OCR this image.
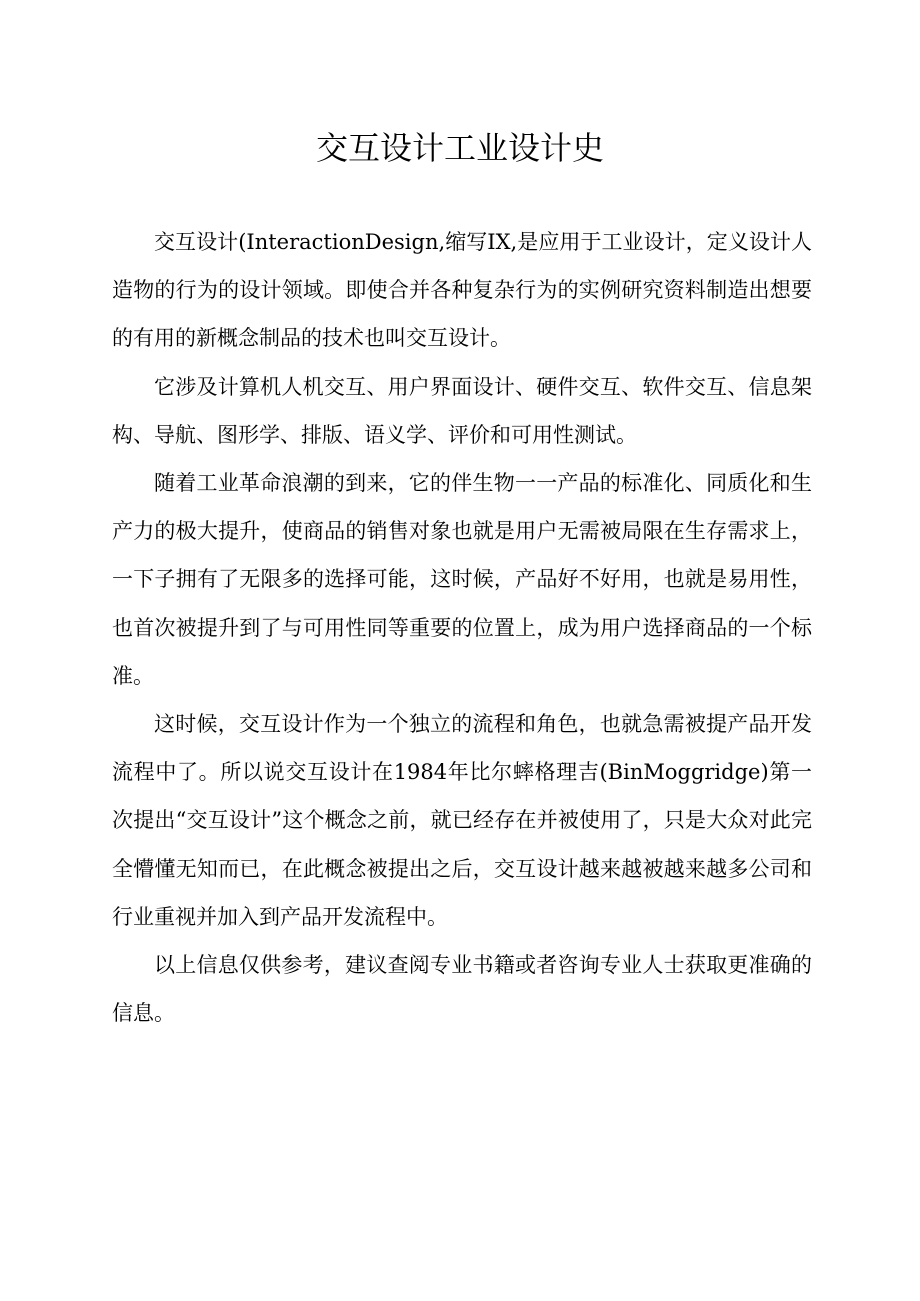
交互设计工业设计史

交互设计(InteractionDesign,缩写IX,是应用于工业设计，定义设计人造物的行为的设计领域。即使合并各种复杂行为的实例研究资料制造出想要的有用的新概念制品的技术也叫交互设计。

它涉及计算机人机交互、用户界面设计、硬件交互、软件交互、信息架构、导航、图形学、排版、语义学、评价和可用性测试。

随着工业革命浪潮的到来，它的伴生物一一产品的标准化、同质化和生产力的极大提升，使商品的销售对象也就是用户无需被局限在生存需求上，一下子拥有了无限多的选择可能，这时候，产品好不好用，也就是易用性，也首次被提升到了与可用性同等重要的位置上，成为用户选择商品的一个标准。

这时候，交互设计作为一个独立的流程和角色，也就急需被提产品开发流程中了。所以说交互设计在1984年比尔蟀格理吉(BinMoggridge)第一次提出“交互设计”这个概念之前，就已经存在并被使用了，只是大众对此完全懵懂无知而已，在此概念被提出之后，交互设计越来越被越来越多公司和行业重视并加入到产品开发流程中。

以上信息仅供参考，建议查阅专业书籍或者咨询专业人士获取更准确的信息。
